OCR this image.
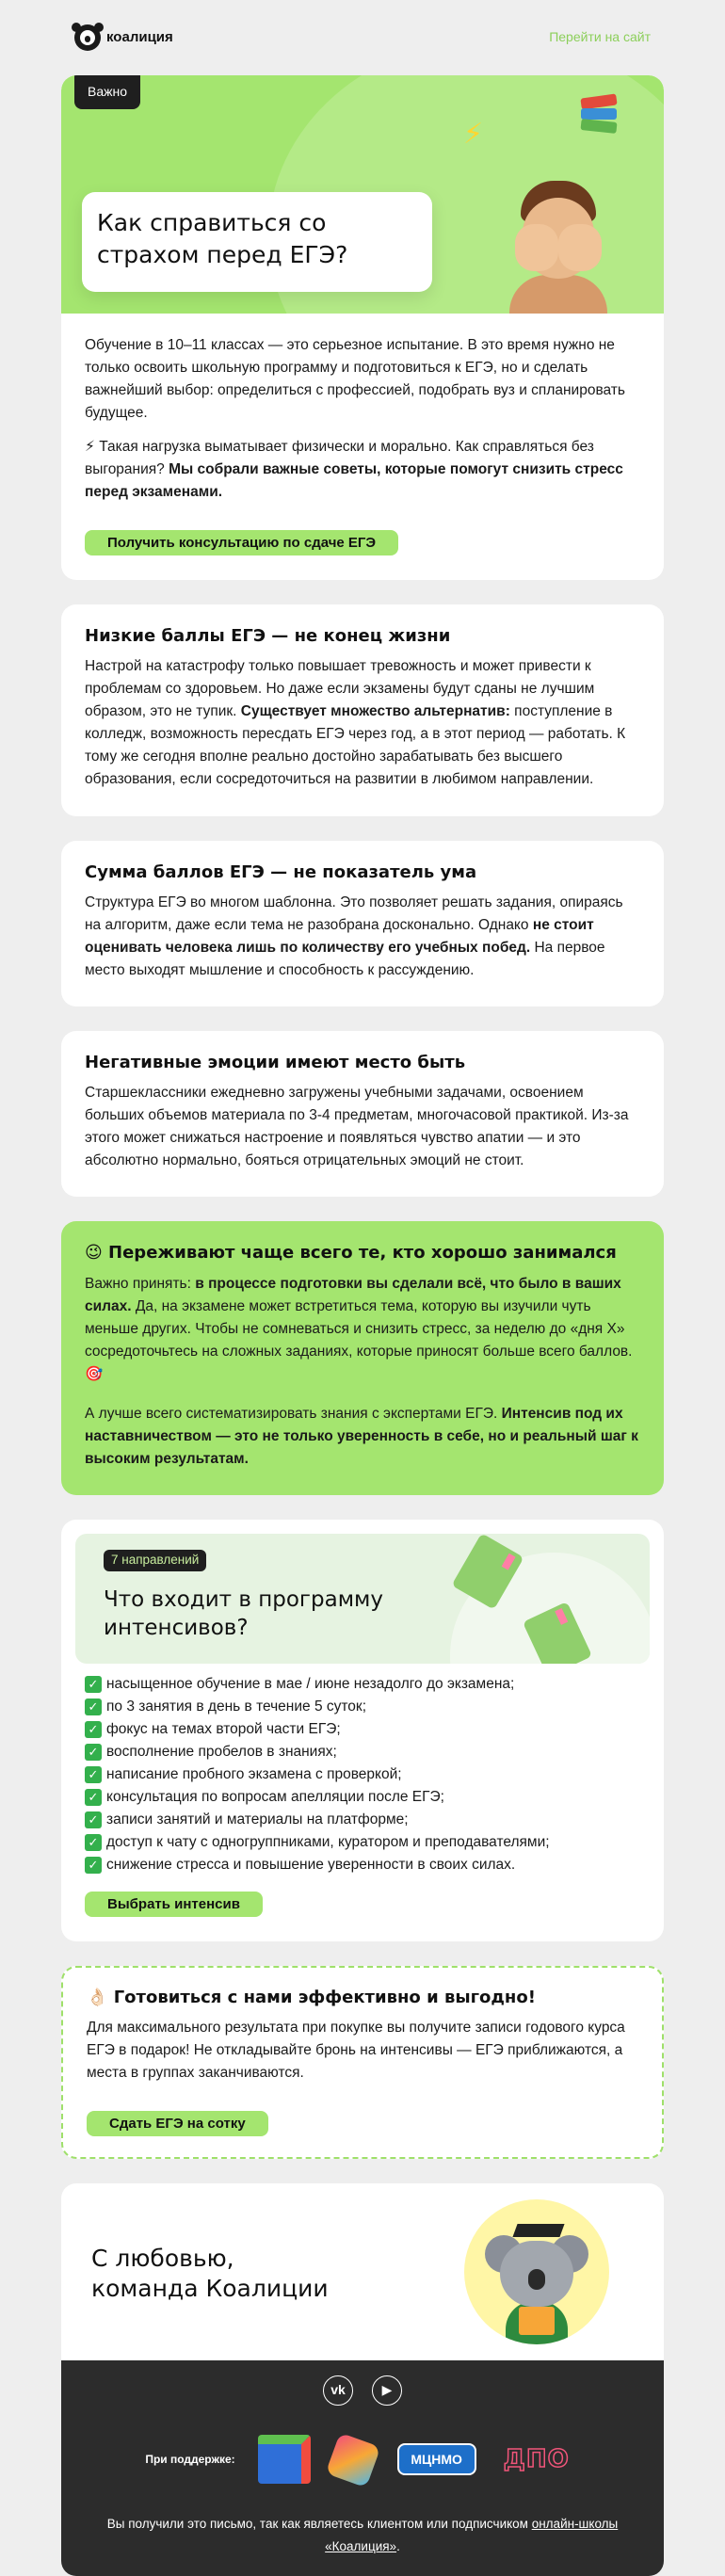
коалиция	Перейти на сайт
Важно
⚡
Как справиться со страхом перед ЕГЭ?

Обучение в 10–11 классах — это серьезное испытание. В это время нужно не только освоить школьную программу и подготовиться к ЕГЭ, но и сделать важнейший выбор: определиться с профессией, подобрать вуз и спланировать будущее.

⚡ Такая нагрузка выматывает физически и морально. Как справляться без выгорания? Мы собрали важные советы, которые помогут снизить стресс перед экзаменами.

Получить консультацию по сдаче ЕГЭ
Низкие баллы ЕГЭ — не конец жизни

Настрой на катастрофу только повышает тревожность и может привести к проблемам со здоровьем. Но даже если экзамены будут сданы не лучшим образом, это не тупик. Существует множество альтернатив: поступление в колледж, возможность пересдать ЕГЭ через год, а в этот период — работать. К тому же сегодня вполне реально достойно зарабатывать без высшего образования, если сосредоточиться на развитии в любимом направлении.

Сумма баллов ЕГЭ — не показатель ума

Структура ЕГЭ во многом шаблонна. Это позволяет решать задания, опираясь на алгоритм, даже если тема не разобрана досконально. Однако не стоит оценивать человека лишь по количеству его учебных побед. На первое место выходят мышление и способность к рассуждению.

Негативные эмоции имеют место быть

Старшеклассники ежедневно загружены учебными задачами, освоением больших объемов материала по 3-4 предметам, многочасовой практикой. Из-за этого может снижаться настроение и появляться чувство апатии — и это абсолютно нормально, бояться отрицательных эмоций не стоит.

😉 Переживают чаще всего те, кто хорошо занимался

Важно принять: в процессе подготовки вы сделали всё, что было в ваших силах. Да, на экзамене может встретиться тема, которую вы изучили чуть меньше других. Чтобы не сомневаться и снизить стресс, за неделю до «дня Х» сосредоточьтесь на сложных заданиях, которые приносят больше всего баллов. 🎯

А лучше всего систематизировать знания с экспертами ЕГЭ. Интенсив под их наставничеством — это не только уверенность в себе, но и реальный шаг к высоким результатам.

7 направлений
Что входит в программу интенсивов?
✓ насыщенное обучение в мае / июне незадолго до экзамена;
✓ по 3 занятия в день в течение 5 суток;
✓ фокус на темах второй части ЕГЭ;
✓ восполнение пробелов в знаниях;
✓ написание пробного экзамена с проверкой;
✓ консультация по вопросам апелляции после ЕГЭ;
✓ записи занятий и материалы на платформе;
✓ доступ к чату с одногруппниками, куратором и преподавателями;
✓ снижение стресса и повышение уверенности в своих силах.
Выбрать интенсив
👌🏻 Готовиться с нами эффективно и выгодно!

Для максимального результата при покупке вы получите записи годового курса ЕГЭ в подарок! Не откладывайте бронь на интенсивы — ЕГЭ приближаются, а места в группах заканчиваются.

Сдать ЕГЭ на сотку
С любовью,
команда Коалиции
vk	▶
При поддержке:	МЦНМО	ДПО
Вы получили это письмо, так как являетесь клиентом или подписчиком онлайн-школы «Коалиция».
